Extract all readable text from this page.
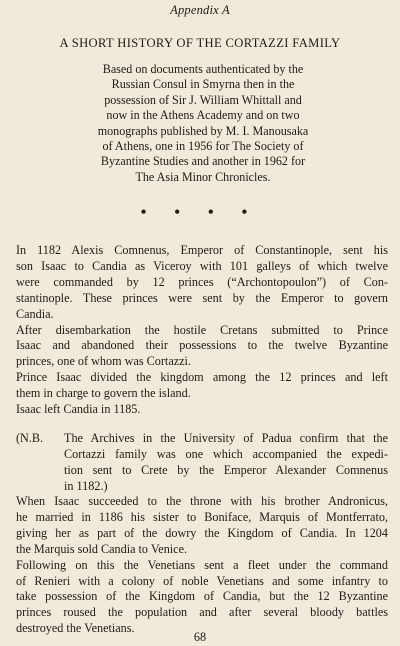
Appendix A
A SHORT HISTORY OF THE CORTAZZI FAMILY
Based on documents authenticated by the
Russian Consul in Smyrna then in the
possession of Sir J. William Whittall and
now in the Athens Academy and on two
monographs published by M. I. Manousaka
of Athens, one in 1956 for The Society of
Byzantine Studies and another in 1962 for
The Asia Minor Chronicles.
• • • •
In 1182 Alexis Comnenus, Emperor of Constantinople, sent his
son Isaac to Candia as Viceroy with 101 galleys of which twelve
were commanded by 12 princes (“Archontopoulon”) of Con-
stantinople. These princes were sent by the Emperor to govern
Candia.
After disembarkation the hostile Cretans submitted to Prince
Isaac and abandoned their possessions to the twelve Byzantine
princes, one of whom was Cortazzi.
Prince Isaac divided the kingdom among the 12 princes and left
them in charge to govern the island.
Isaac left Candia in 1185.
(N.B. The Archives in the University of Padua confirm that the
Cortazzi family was one which accompanied the expedi-
tion sent to Crete by the Emperor Alexander Comnenus
in 1182.)
When Isaac succeeded to the throne with his brother Andronicus,
he married in 1186 his sister to Boniface, Marquis of Montferrato,
giving her as part of the dowry the Kingdom of Candia. In 1204
the Marquis sold Candia to Venice.
Following on this the Venetians sent a fleet under the command
of Renieri with a colony of noble Venetians and some infantry to
take possession of the Kingdom of Candia, but the 12 Byzantine
princes roused the population and after several bloody battles
destroyed the Venetians.
68
